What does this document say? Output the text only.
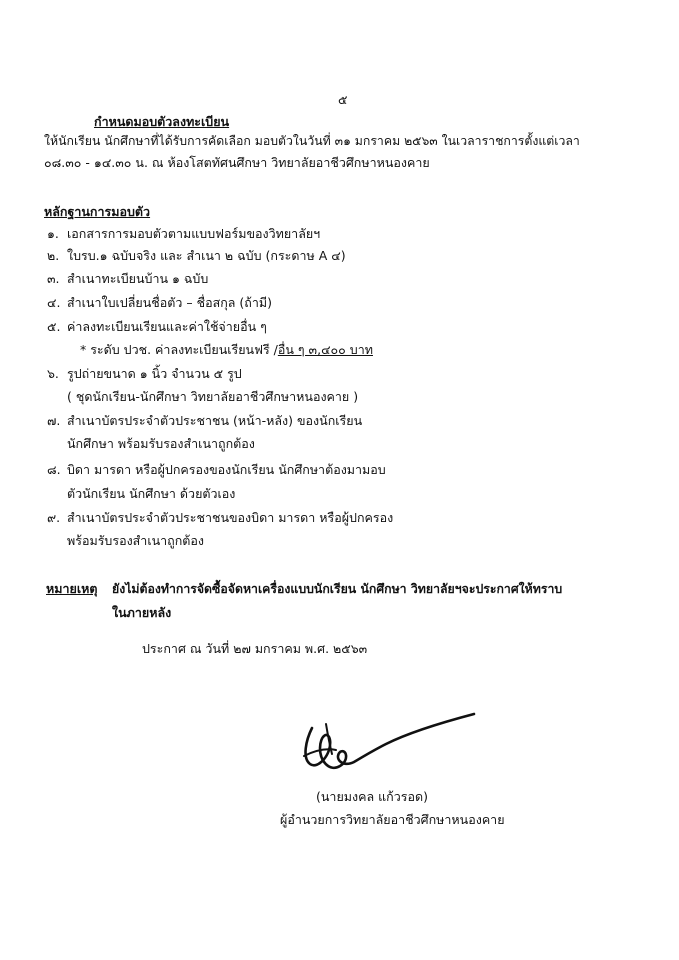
๕
กำหนดมอบตัวลงทะเบียน
ให้นักเรียน นักศึกษาที่ได้รับการคัดเลือก มอบตัวในวันที่ ๓๑ มกราคม ๒๕๖๓ ในเวลาราชการตั้งแต่เวลา
๐๘.๓๐ - ๑๔.๓๐ น. ณ ห้องโสตทัศนศึกษา วิทยาลัยอาชีวศึกษาหนองคาย
หลักฐานการมอบตัว
๑. เอกสารการมอบตัวตามแบบฟอร์มของวิทยาลัยฯ
๒. ใบรบ.๑ ฉบับจริง และ สำเนา ๒ ฉบับ (กระดาษ A ๔)
๓. สำเนาทะเบียนบ้าน ๑ ฉบับ
๔. สำเนาใบเปลี่ยนชื่อตัว – ชื่อสกุล (ถ้ามี)
๕. ค่าลงทะเบียนเรียนและค่าใช้จ่ายอื่น ๆ
* ระดับ ปวช. ค่าลงทะเบียนเรียนฟรี /อื่น ๆ ๓,๔๐๐ บาท
๖. รูปถ่ายขนาด ๑ นิ้ว จำนวน ๕ รูป
( ชุดนักเรียน-นักศึกษา วิทยาลัยอาชีวศึกษาหนองคาย )
๗. สำเนาบัตรประจำตัวประชาชน (หน้า-หลัง) ของนักเรียน
นักศึกษา พร้อมรับรองสำเนาถูกต้อง
๘. บิดา มารดา หรือผู้ปกครองของนักเรียน นักศึกษาต้องมามอบ
ตัวนักเรียน นักศึกษา ด้วยตัวเอง
๙. สำเนาบัตรประจำตัวประชาชนของบิดา มารดา หรือผู้ปกครอง
พร้อมรับรองสำเนาถูกต้อง
หมายเหตุ ยังไม่ต้องทำการจัดซื้อจัดหาเครื่องแบบนักเรียน นักศึกษา วิทยาลัยฯจะประกาศให้ทราบ
ในภายหลัง
ประกาศ ณ วันที่ ๒๗ มกราคม พ.ศ. ๒๕๖๓
(นายมงคล แก้วรอด)
ผู้อำนวยการวิทยาลัยอาชีวศึกษาหนองคาย
